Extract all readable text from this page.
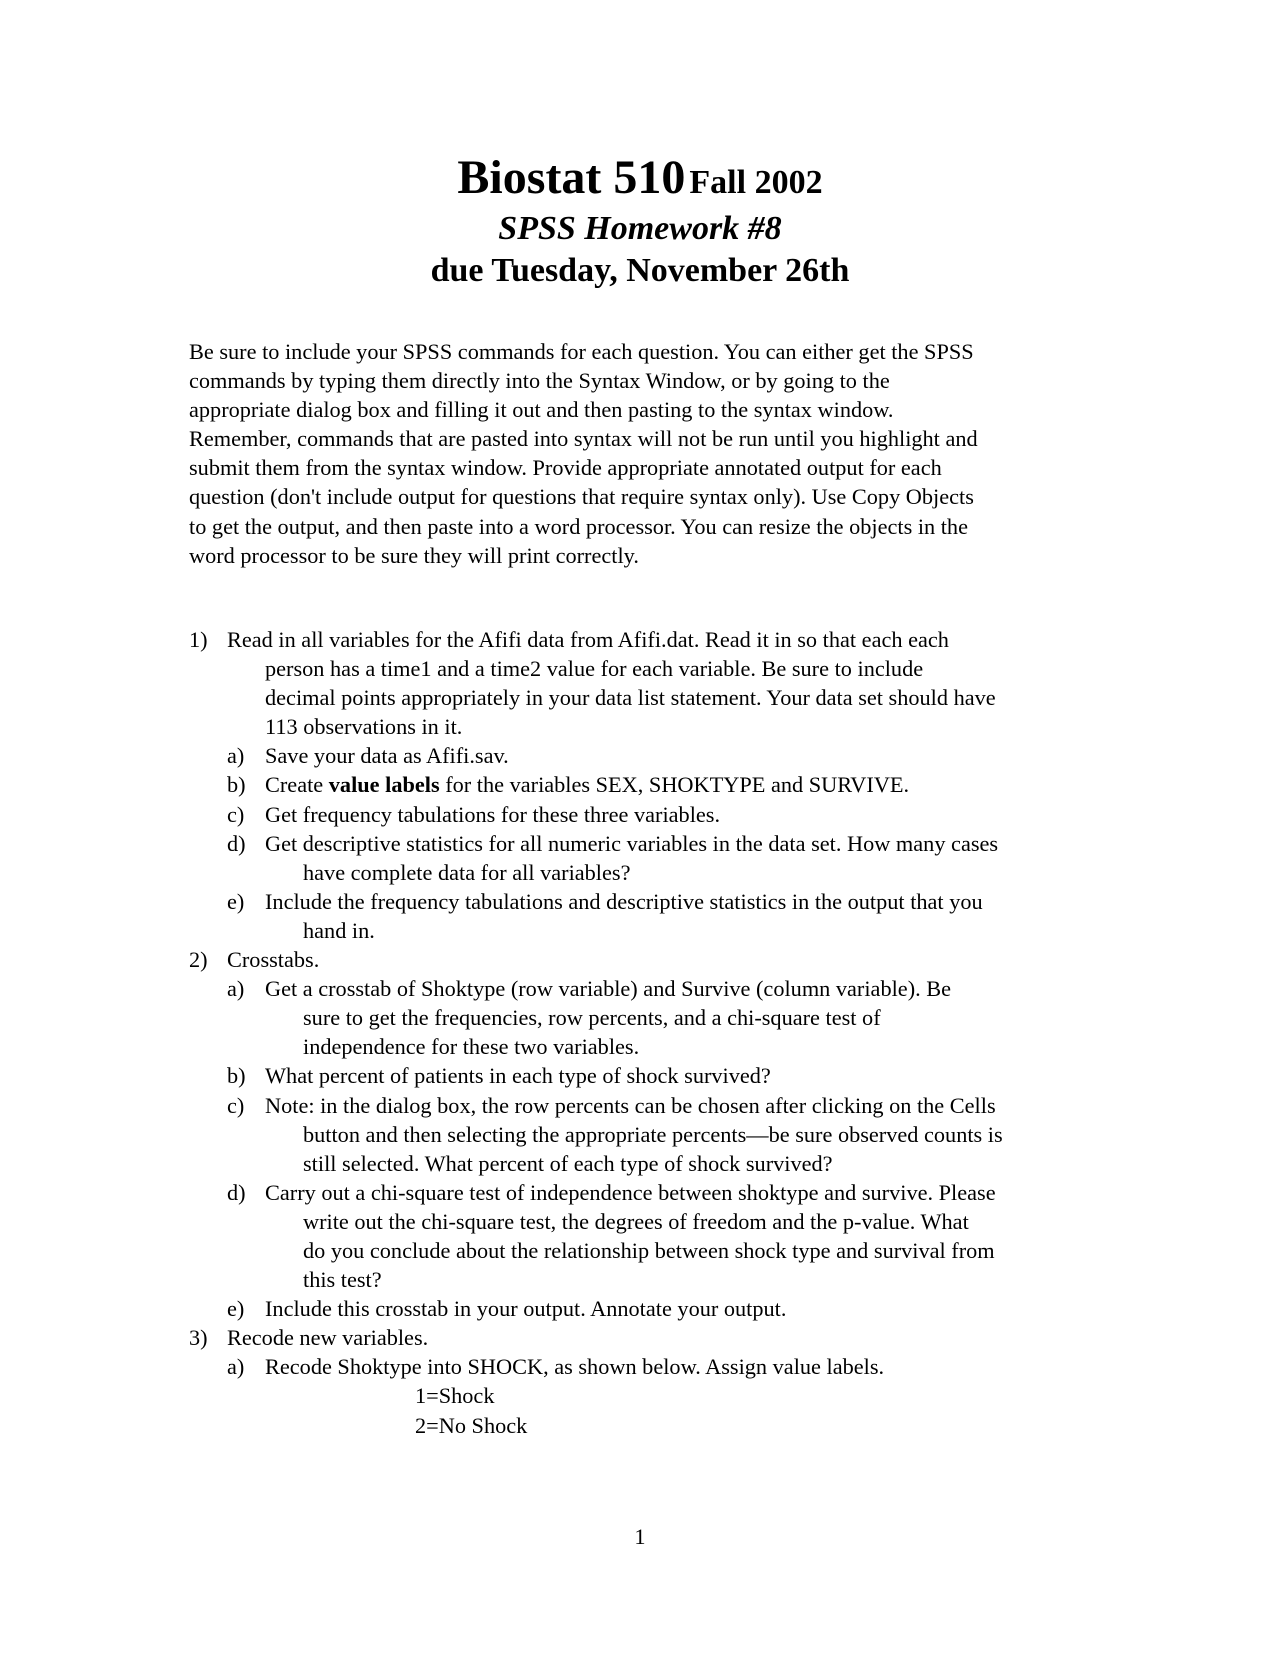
Biostat 510 Fall 2002
SPSS Homework #8
due Tuesday, November 26th
Be sure to include your SPSS commands for each question. You can either get the SPSS
commands by typing them directly into the Syntax Window, or by going to the
appropriate dialog box and filling it out and then pasting to the syntax window.
Remember, commands that are pasted into syntax will not be run until you highlight and
submit them from the syntax window. Provide appropriate annotated output for each
question (don't include output for questions that require syntax only). Use Copy Objects
to get the output, and then paste into a word processor. You can resize the objects in the
word processor to be sure they will print correctly.
1) Read in all variables for the Afifi data from Afifi.dat. Read it in so that each each
person has a time1 and a time2 value for each variable. Be sure to include
decimal points appropriately in your data list statement. Your data set should have
113 observations in it.
a) Save your data as Afifi.sav.
b) Create value labels for the variables SEX, SHOKTYPE and SURVIVE.
c) Get frequency tabulations for these three variables.
d) Get descriptive statistics for all numeric variables in the data set. How many cases
have complete data for all variables?
e) Include the frequency tabulations and descriptive statistics in the output that you
hand in.
2) Crosstabs.
a) Get a crosstab of Shoktype (row variable) and Survive (column variable). Be
sure to get the frequencies, row percents, and a chi-square test of
independence for these two variables.
b) What percent of patients in each type of shock survived?
c) Note: in the dialog box, the row percents can be chosen after clicking on the Cells
button and then selecting the appropriate percents—be sure observed counts is
still selected. What percent of each type of shock survived?
d) Carry out a chi-square test of independence between shoktype and survive. Please
write out the chi-square test, the degrees of freedom and the p-value. What
do you conclude about the relationship between shock type and survival from
this test?
e) Include this crosstab in your output. Annotate your output.
3) Recode new variables.
a) Recode Shoktype into SHOCK, as shown below. Assign value labels.
1=Shock
2=No Shock
1
